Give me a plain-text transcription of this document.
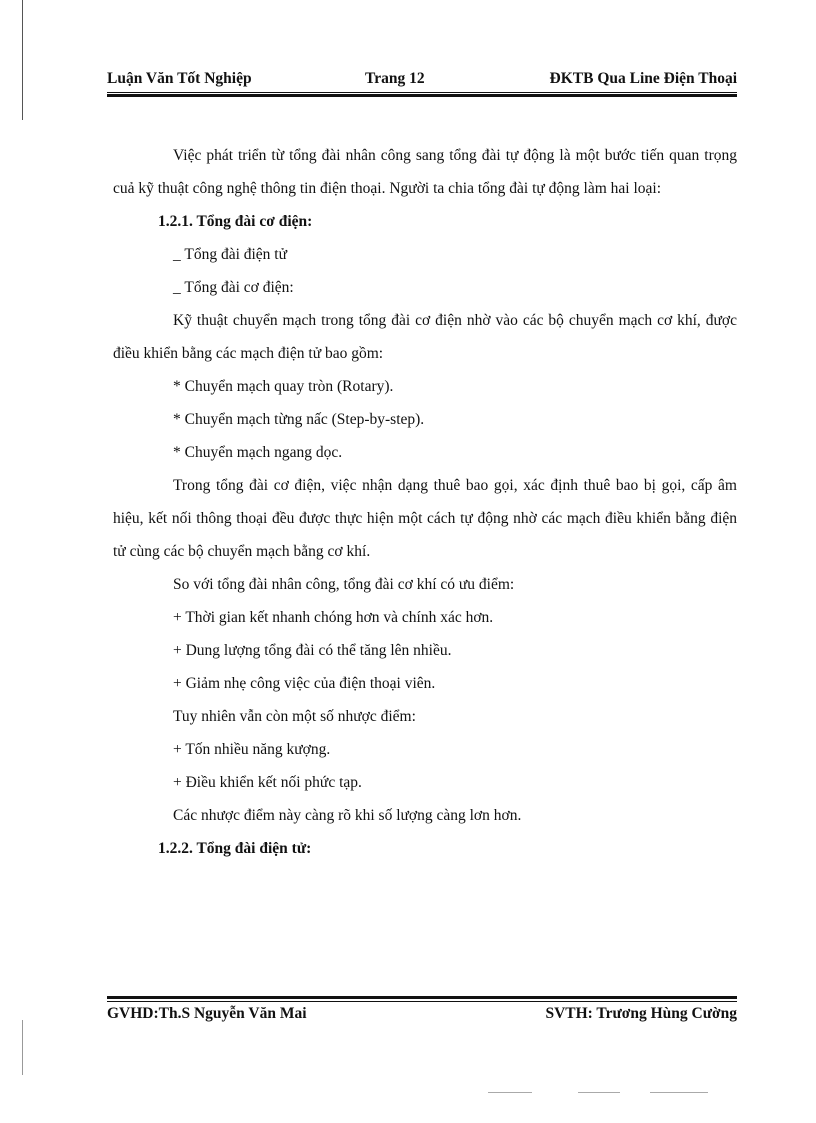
Luận Văn Tốt Nghiệp	Trang 12	ĐKTB Qua Line Điện Thoại

Việc phát triển từ tổng đài nhân công sang tổng đài tự động là một bước tiến quan trọng cuả kỹ thuật công nghệ thông tin điện thoại. Người ta chia tổng đài tự động làm hai loại:

1.2.1. Tổng đài cơ điện:

_ Tổng đài điện tử

_ Tổng đài cơ điện:

Kỹ thuật chuyển mạch trong tổng đài cơ điện nhờ vào các bộ chuyển mạch cơ khí, được điều khiển bằng các mạch điện tử bao gồm:

* Chuyển mạch quay tròn (Rotary).

* Chuyển mạch từng nấc (Step-by-step).

* Chuyển mạch ngang dọc.

Trong tổng đài cơ điện, việc nhận dạng thuê bao gọi, xác định thuê bao bị gọi, cấp âm hiệu, kết nối thông thoại đều được thực hiện một cách tự động nhờ các mạch điều khiển bằng điện tử cùng các bộ chuyển mạch bằng cơ khí.

So với tổng đài nhân công, tổng đài cơ khí có ưu điểm:

+ Thời gian kết nhanh chóng hơn và chính xác hơn.

+ Dung lượng tổng đài có thể tăng lên nhiều.

+ Giảm nhẹ công việc của điện thoại viên.

Tuy nhiên vẫn còn một số nhược điểm:

+ Tốn nhiều năng kượng.

+ Điều khiển kết nối phức tạp.

Các nhược điểm này càng rõ khi số lượng càng lơn hơn.

1.2.2. Tổng đài điện tử:

GVHD:Th.S Nguyễn Văn Mai	SVTH: Trương Hùng Cường
